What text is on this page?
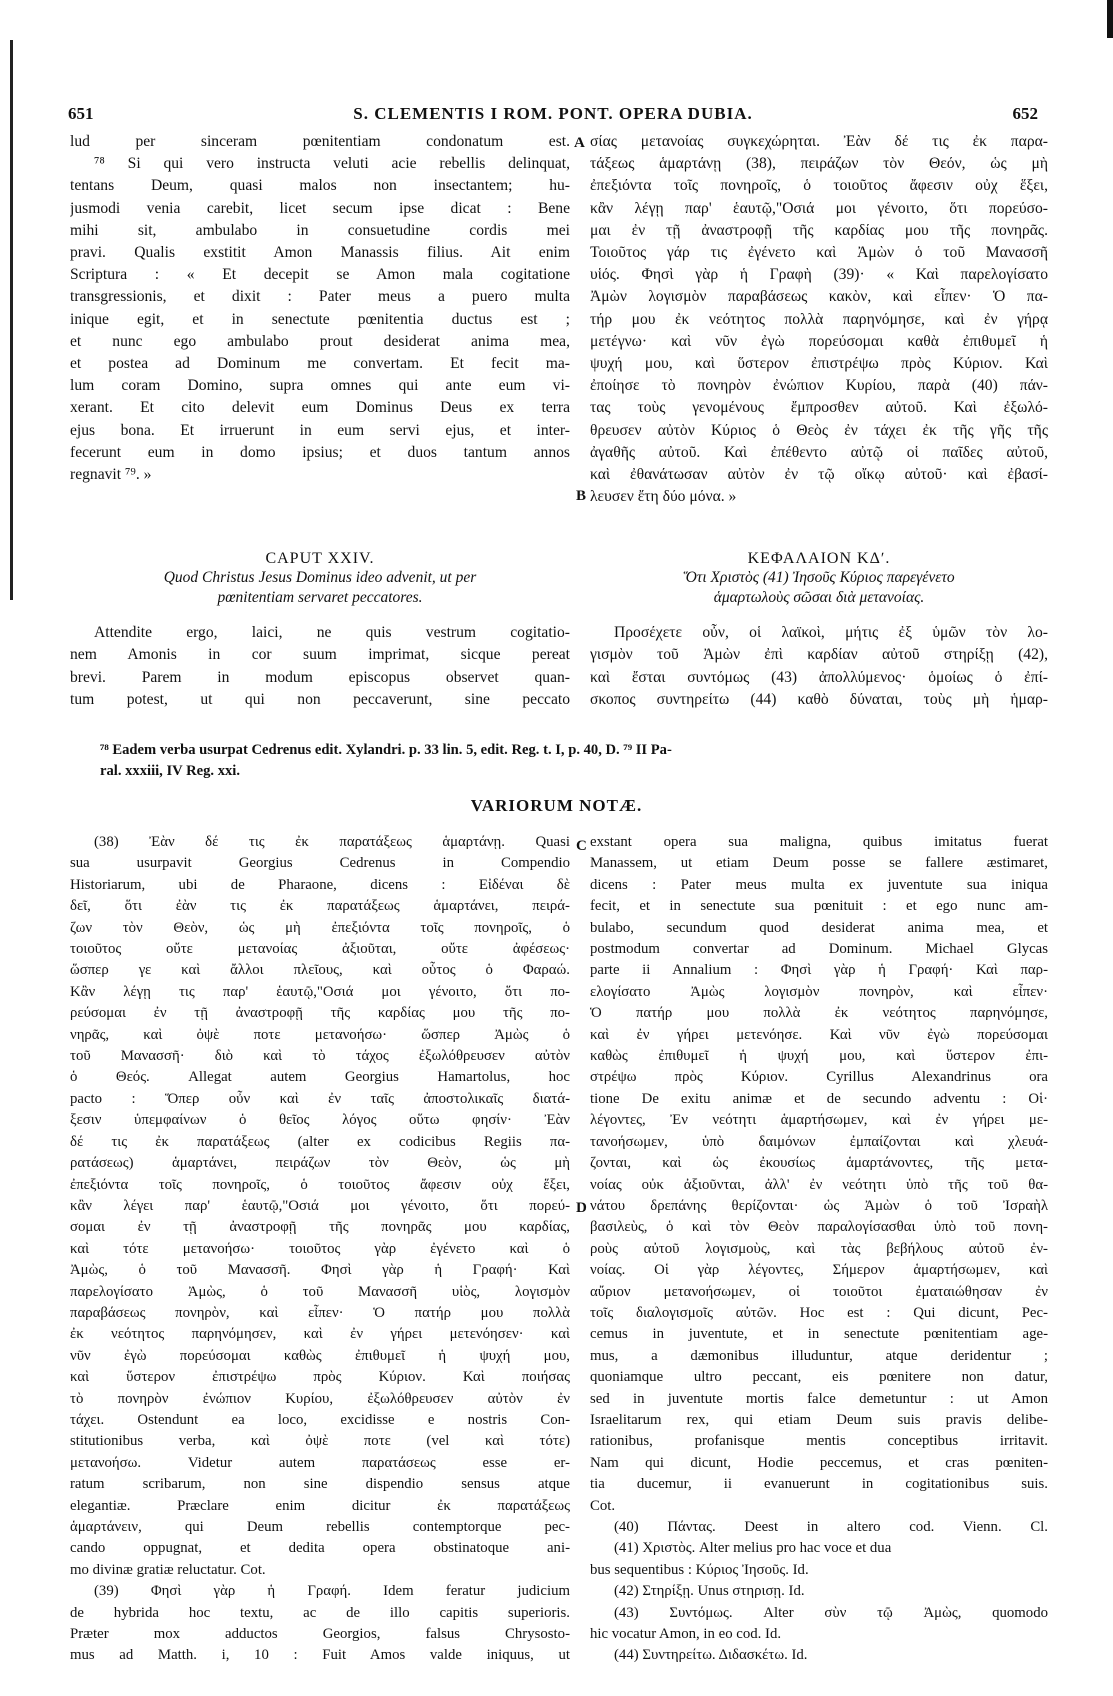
651	S. CLEMENTIS I ROM. PONT. OPERA DUBIA.	652
lud per sinceram pœnitentiam condonatum est.
⁷⁸ Si qui vero instructa veluti acie rebellis delinquat,
tentans Deum, quasi malos non insectantem; hu-
jusmodi venia carebit, licet secum ipse dicat : Bene
mihi sit, ambulabo in consuetudine cordis mei
pravi. Qualis exstitit Amon Manassis filius. Ait enim
Scriptura : « Et decepit se Amon mala cogitatione
transgressionis, et dixit : Pater meus a puero multa
inique egit, et in senectute pœnitentia ductus est ;
et nunc ego ambulabo prout desiderat anima mea,
et postea ad Dominum me convertam. Et fecit ma-
lum coram Domino, supra omnes qui ante eum vi-
xerant. Et cito delevit eum Dominus Deus ex terra
ejus bona. Et irruerunt in eum servi ejus, et inter-
fecerunt eum in domo ipsius; et duos tantum annos
regnavit ⁷⁹. »
σίας μετανοίας συγκεχώρηται. Ἐὰν δέ τις ἐκ παρα-
τάξεως ἁμαρτάνῃ (38), πειράζων τὸν Θεόν, ὡς μὴ
ἐπεξιόντα τοῖς πονηροῖς, ὁ τοιοῦτος ἄφεσιν οὐχ ἕξει,
κἂν λέγῃ παρ' ἑαυτῷ,"Οσιά μοι γένοιτο, ὅτι πορεύσο-
μαι ἐν τῇ ἀναστροφῇ τῆς καρδίας μου τῆς πονηρᾶς.
Τοιοῦτος γάρ τις ἐγένετο καὶ Ἀμὼν ὁ τοῦ Μανασσῆ
υἱός. Φησὶ γὰρ ἡ Γραφὴ (39)· « Καὶ παρελογίσατο
Ἀμὼν λογισμὸν παραβάσεως κακὸν, καὶ εἶπεν· Ὁ πα-
τήρ μου ἐκ νεότητος πολλὰ παρηνόμησε, καὶ ἐν γήρᾳ
μετέγνω· καὶ νῦν ἐγὼ πορεύσομαι καθὰ ἐπιθυμεῖ ἡ
ψυχή μου, καὶ ὕστερον ἐπιστρέψω πρὸς Κύριον. Καὶ
ἐποίησε τὸ πονηρὸν ἐνώπιον Κυρίου, παρὰ (40) πάν-
τας τοὺς γενομένους ἔμπροσθεν αὐτοῦ. Καὶ ἐξωλό-
θρευσεν αὐτὸν Κύριος ὁ Θεὸς ἐν τάχει ἐκ τῆς γῆς τῆς
ἀγαθῆς αὐτοῦ. Καὶ ἐπέθεντο αὐτῷ οἱ παῖδες αὐτοῦ,
καὶ ἐθανάτωσαν αὐτὸν ἐν τῷ οἴκῳ αὐτοῦ· καὶ ἐβασί-
λευσεν ἔτη δύο μόνα. »
A
B
C
D
CAPUT XXIV.
Quod Christus Jesus Dominus ideo advenit, ut per
pœnitentiam servaret peccatores.
ΚΕΦΑΛΑΙΟΝ ΚΔʹ.
Ὅτι Χριστὸς (41) Ἰησοῦς Κύριος παρεγένετο
ἁμαρτωλοὺς σῶσαι διὰ μετανοίας.
Attendite ergo, laici, ne quis vestrum cogitatio-
nem Amonis in cor suum imprimat, sicque pereat
brevi. Parem in modum episcopus observet quan-
tum potest, ut qui non peccaverunt, sine peccato
Προσέχετε οὖν, οἱ λαϊκοὶ, μήτις ἐξ ὑμῶν τὸν λο-
γισμὸν τοῦ Ἀμὼν ἐπὶ καρδίαν αὐτοῦ στηρίξῃ (42),
καὶ ἔσται συντόμως (43) ἀπολλύμενος· ὁμοίως ὁ ἐπί-
σκοπος συντηρείτω (44) καθὸ δύναται, τοὺς μὴ ἡμαρ-
⁷⁸ Eadem verba usurpat Cedrenus edit. Xylandri. p. 33 lin. 5, edit. Reg. t. I, p. 40, D. ⁷⁹ II Pa-
ral. xxxiii, IV Reg. xxi.
VARIORUM NOTÆ.
(38) Ἐὰν δέ τις ἐκ παρατάξεως ἁμαρτάνῃ. Quasi
sua usurpavit Georgius Cedrenus in Compendio
Historiarum, ubi de Pharaone, dicens : Εἰδέναι δὲ
δεῖ, ὅτι ἐὰν τις ἐκ παρατάξεως ἁμαρτάνει, πειρά-
ζων τὸν Θεὸν, ὡς μὴ ἐπεξιόντα τοῖς πονηροῖς, ὁ
τοιοῦτος οὔτε μετανοίας ἀξιοῦται, οὔτε ἀφέσεως·
ὥσπερ γε καὶ ἄλλοι πλεῖους, καὶ οὗτος ὁ Φαραώ.
Κἂν λέγῃ τις παρ' ἑαυτῷ,"Οσιά μοι γένοιτο, ὅτι πο-
ρεύσομαι ἐν τῇ ἀναστροφῇ τῆς καρδίας μου τῆς πο-
νηρᾶς, καὶ ὀψὲ ποτε μετανοήσω· ὥσπερ Ἀμὼς ὁ
τοῦ Μανασσῆ· διὸ καὶ τὸ τάχος ἐξωλόθρευσεν αὐτὸν
ὁ Θεός. Allegat autem Georgius Hamartolus, hoc
pacto : Ὅπερ οὖν καὶ ἐν ταῖς ἀποστολικαῖς διατά-
ξεσιν ὑπεμφαίνων ὁ θεῖος λόγος οὕτω φησίν· Ἐὰν
δέ τις ἐκ παρατάξεως (alter ex codicibus Regiis πα-
ρατάσεως) ἁμαρτάνει, πειράζων τὸν Θεὸν, ὡς μὴ
ἐπεξιόντα τοῖς πονηροῖς, ὁ τοιοῦτος ἄφεσιν οὐχ ἕξει,
κἂν λέγει παρ' ἑαυτῷ,"Οσιά μοι γένοιτο, ὅτι πορεύ-
σομαι ἐν τῇ ἀναστροφῇ τῆς πονηρᾶς μου καρδίας,
καὶ τότε μετανοήσω· τοιοῦτος γὰρ ἐγένετο καὶ ὁ
Ἀμὼς, ὁ τοῦ Μανασσῆ. Φησὶ γὰρ ἡ Γραφή· Καὶ
παρελογίσατο Ἀμὼς, ὁ τοῦ Μανασσῆ υἱὸς, λογισμὸν
παραβάσεως πονηρὸν, καὶ εἶπεν· Ὁ πατήρ μου πολλὰ
ἐκ νεότητος παρηνόμησεν, καὶ ἐν γήρει μετενόησεν· καὶ
νῦν ἐγὼ πορεύσομαι καθὼς ἐπιθυμεῖ ἡ ψυχή μου,
καὶ ὕστερον ἐπιστρέψω πρὸς Κύριον. Καὶ ποιήσας
τὸ πονηρὸν ἐνώπιον Κυρίου, ἐξωλόθρευσεν αὐτὸν ἐν
τάχει. Ostendunt ea loco, excidisse e nostris Con-
stitutionibus verba, καὶ ὀψὲ ποτε (vel καὶ τότε)
μετανοήσω. Videtur autem παρατάσεως esse er-
ratum scribarum, non sine dispendio sensus atque
elegantiæ. Præclare enim dicitur ἐκ παρατάξεως
ἁμαρτάνειν, qui Deum rebellis contemptorque pec-
cando oppugnat, et dedita opera obstinatoque ani-
mo divinæ gratiæ reluctatur. Cot.
(39) Φησὶ γὰρ ἡ Γραφή. Idem feratur judicium
de hybrida hoc textu, ac de illo capitis superioris.
Præter mox adductos Georgios, falsus Chrysosto-
mus ad Matth. i, 10 : Fuit Amos valde iniquus, ut
exstant opera sua maligna, quibus imitatus fuerat
Manassem, ut etiam Deum posse se fallere æstimaret,
dicens : Pater meus multa ex juventute sua iniqua
fecit, et in senectute sua pœnituit : et ego nunc am-
bulabo, secundum quod desiderat anima mea, et
postmodum convertar ad Dominum. Michael Glycas
parte ii Annalium : Φησὶ γὰρ ἡ Γραφή· Καὶ παρ-
ελογίσατο Ἀμὼς λογισμὸν πονηρὸν, καὶ εἶπεν·
Ὁ πατήρ μου πολλὰ ἐκ νεότητος παρηνόμησε,
καὶ ἐν γήρει μετενόησε. Καὶ νῦν ἐγὼ πορεύσομαι
καθὼς ἐπιθυμεῖ ἡ ψυχή μου, καὶ ὕστερον ἐπι-
στρέψω πρὸς Κύριον. Cyrillus Alexandrinus ora
tione De exitu animæ et de secundo adventu : Οἱ·
λέγοντες, Ἐν νεότητι ἁμαρτήσωμεν, καὶ ἐν γήρει με-
τανοήσωμεν, ὑπὸ δαιμόνων ἐμπαίζονται καὶ χλευά-
ζονται, καὶ ὡς ἐκουσίως ἁμαρτάνοντες, τῆς μετα-
νοίας οὐκ ἀξιοῦνται, ἀλλ' ἐν νεότητι ὑπὸ τῆς τοῦ θα-
νάτου δρεπάνης θερίζονται· ὡς Ἀμὼν ὁ τοῦ Ἰσραὴλ
βασιλεὺς, ὁ καὶ τὸν Θεὸν παραλογίσασθαι ὑπὸ τοῦ πονη-
ροὺς αὐτοῦ λογισμοὺς, καὶ τὰς βεβήλους αὐτοῦ ἐν-
νοίας. Οἱ γὰρ λέγοντες, Σήμερον ἁμαρτήσωμεν, καὶ
αὔριον μετανοήσωμεν, οἱ τοιοῦτοι ἐματαιώθησαν ἐν
τοῖς διαλογισμοῖς αὐτῶν. Hoc est : Qui dicunt, Pec-
cemus in juventute, et in senectute pœnitentiam age-
mus, a dæmonibus illuduntur, atque deridentur ;
quoniamque ultro peccant, eis pœnitere non datur,
sed in juventute mortis falce demetuntur : ut Amon
Israelitarum rex, qui etiam Deum suis pravis delibe-
rationibus, profanisque mentis conceptibus irritavit.
Nam qui dicunt, Hodie peccemus, et cras pœniten-
tia ducemur, ii evanuerunt in cogitationibus suis.
Cot.
(40) Πάντας. Deest in altero cod. Vienn. Cl.
(41) Χριστὸς. Alter melius pro hac voce et dua
bus sequentibus : Κύριος Ἰησοῦς. Id.
(42) Στηρίξῃ. Unus στηρισῃ. Id.
(43) Συντόμως. Alter σὺν τῷ Ἀμὼς, quomodo
hic vocatur Amon, in eo cod. Id.
(44) Συντηρείτω. Διδασκέτω. Id.
